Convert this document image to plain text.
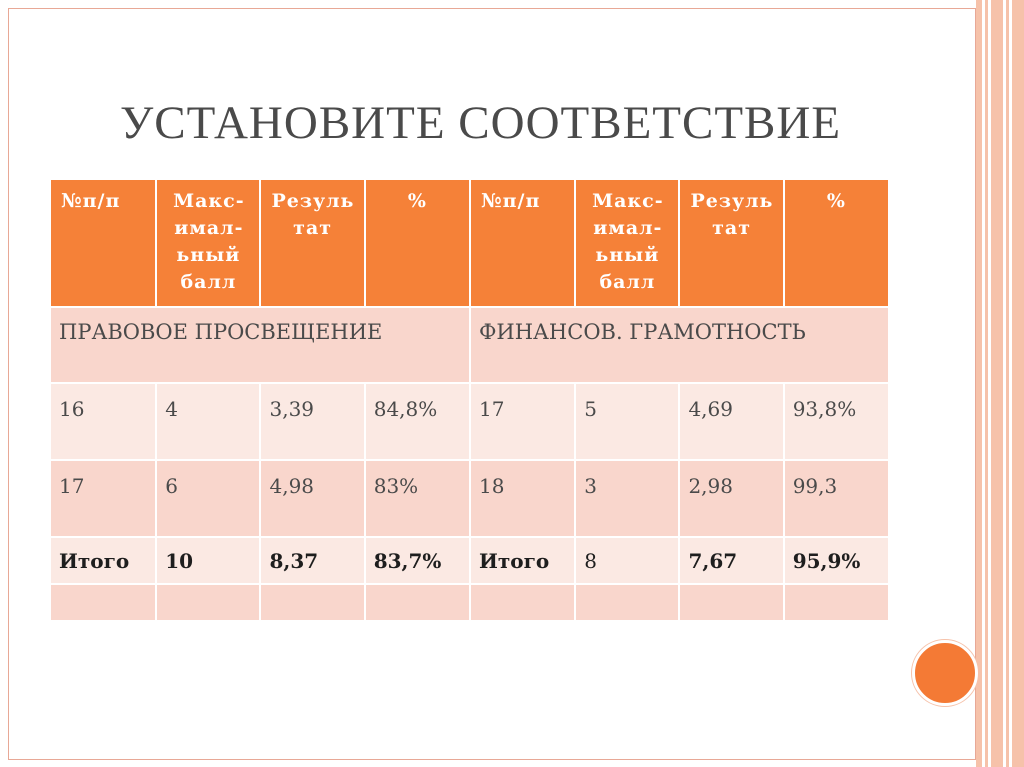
УСТАНОВИТЕ СООТВЕТСТВИЕ
№п/п	Максимальный балл	Резуль тат	%	№п/п	Максимальный балл	Резуль тат	%
ПРАВОВОЕ ПРОСВЕЩЕНИЕ				ФИНАНСОВ. ГРАМОТНОСТЬ			
16	4	3,39	84,8%	17	5	4,69	93,8%
17	6	4,98	83%	18	3	2,98	99,3
Итого	10	8,37	83,7%	Итого	8	7,67	95,9%
